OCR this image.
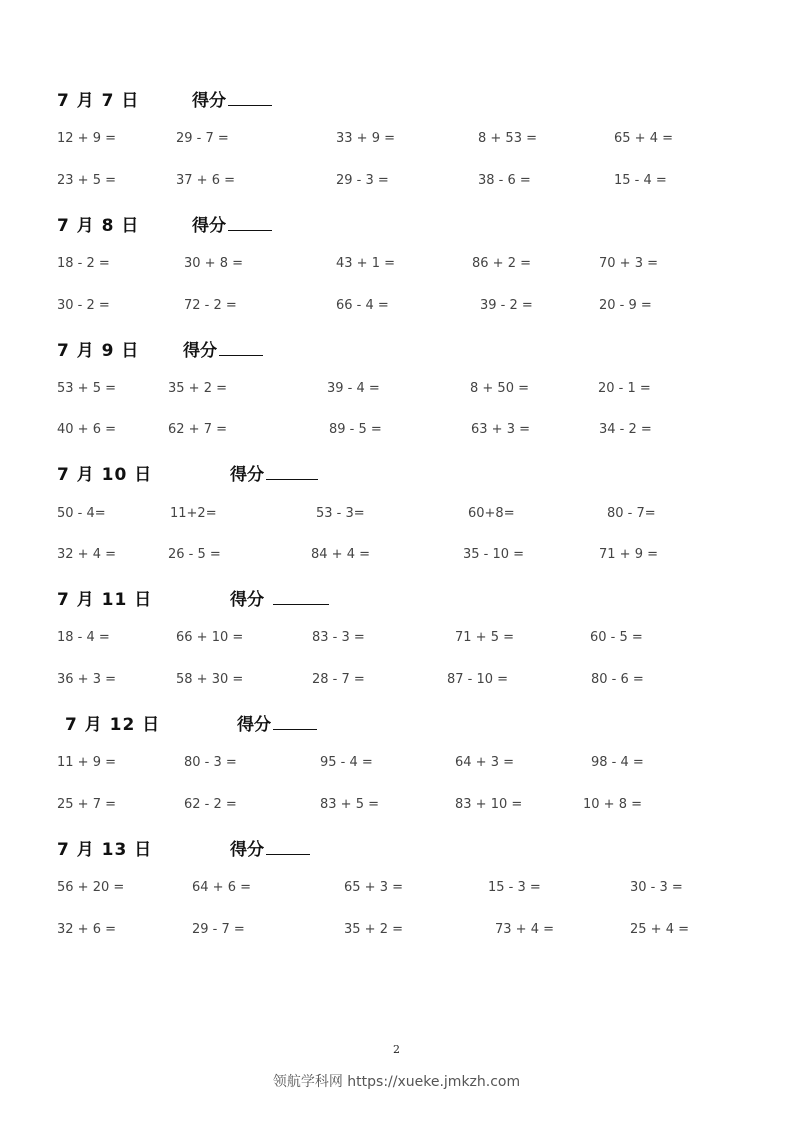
7 月 7 日	得分
12 + 9 =	29 - 7 =	33 + 9 =	8 + 53 =	65 + 4 =
23 + 5 =	37 + 6 =	29 - 3 =	38 - 6 =	15 - 4 =
7 月 8 日	得分
18 - 2 =	30 + 8 =	43 + 1 =	86 + 2 =	70 + 3 =
30 - 2 =	72 - 2 =	66 - 4 =	39 - 2 =	20 - 9 =
7 月 9 日	得分
53 + 5 =	35 + 2 =	39 - 4 =	8 + 50 =	20 - 1 =
40 + 6 =	62 + 7 =	89 - 5 =	63 + 3 =	34 - 2 =
7 月 10 日	得分
50 - 4=	11+2=	53 - 3=	60+8=	80 - 7=
32 + 4 =	26 - 5 =	84 + 4 =	35 - 10 =	71 + 9 =
7 月 11 日	得分
18 - 4 =	66 + 10 =	83 - 3 =	71 + 5 =	60 - 5 =
36 + 3 =	58 + 30 =	28 - 7 =	87 - 10 =	80 - 6 =
7 月 12 日	得分
11 + 9 =	80 - 3 =	95 - 4 =	64 + 3 =	98 - 4 =
25 + 7 =	62 - 2 =	83 + 5 =	83 + 10 =	10 + 8 =
7 月 13 日	得分
56 + 20 =	64 + 6 =	65 + 3 =	15 - 3 =	30 - 3 =
32 + 6 =	29 - 7 =	35 + 2 =	73 + 4 =	25 + 4 =
2
领航学科网 https://xueke.jmkzh.com
